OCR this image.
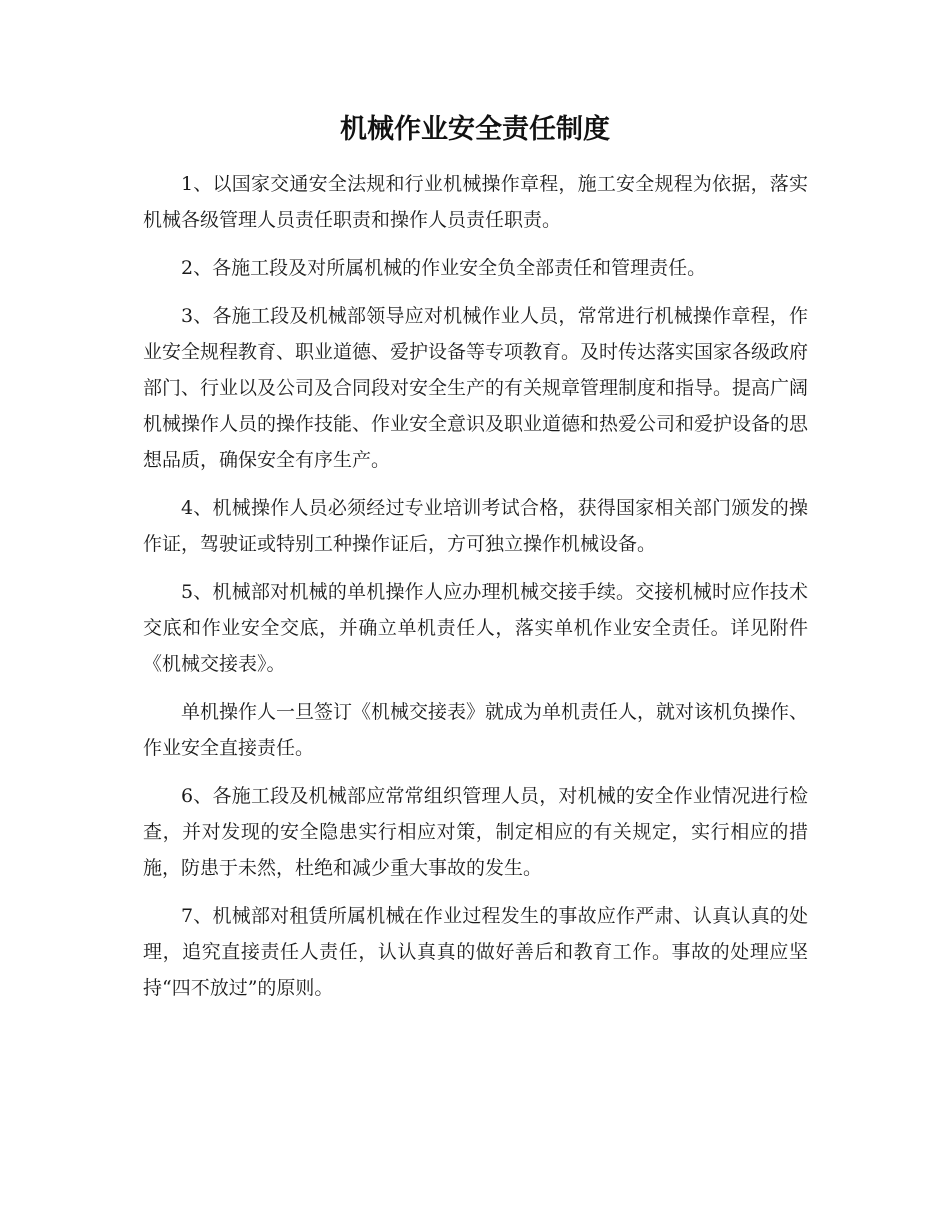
机械作业安全责任制度

1、以国家交通安全法规和行业机械操作章程，施工安全规程为依据，落实机械各级管理人员责任职责和操作人员责任职责。

2、各施工段及对所属机械的作业安全负全部责任和管理责任。

3、各施工段及机械部领导应对机械作业人员，常常进行机械操作章程，作业安全规程教育、职业道德、爱护设备等专项教育。及时传达落实国家各级政府部门、行业以及公司及合同段对安全生产的有关规章管理制度和指导。提高广阔机械操作人员的操作技能、作业安全意识及职业道德和热爱公司和爱护设备的思想品质，确保安全有序生产。

4、机械操作人员必须经过专业培训考试合格，获得国家相关部门颁发的操作证，驾驶证或特别工种操作证后，方可独立操作机械设备。

5、机械部对机械的单机操作人应办理机械交接手续。交接机械时应作技术交底和作业安全交底，并确立单机责任人，落实单机作业安全责任。详见附件《机械交接表》。

单机操作人一旦签订《机械交接表》就成为单机责任人，就对该机负操作、作业安全直接责任。

6、各施工段及机械部应常常组织管理人员，对机械的安全作业情况进行检查，并对发现的安全隐患实行相应对策，制定相应的有关规定，实行相应的措施，防患于未然，杜绝和减少重大事故的发生。

7、机械部对租赁所属机械在作业过程发生的事故应作严肃、认真认真的处理，追究直接责任人责任，认认真真的做好善后和教育工作。事故的处理应坚持“四不放过”的原则。
